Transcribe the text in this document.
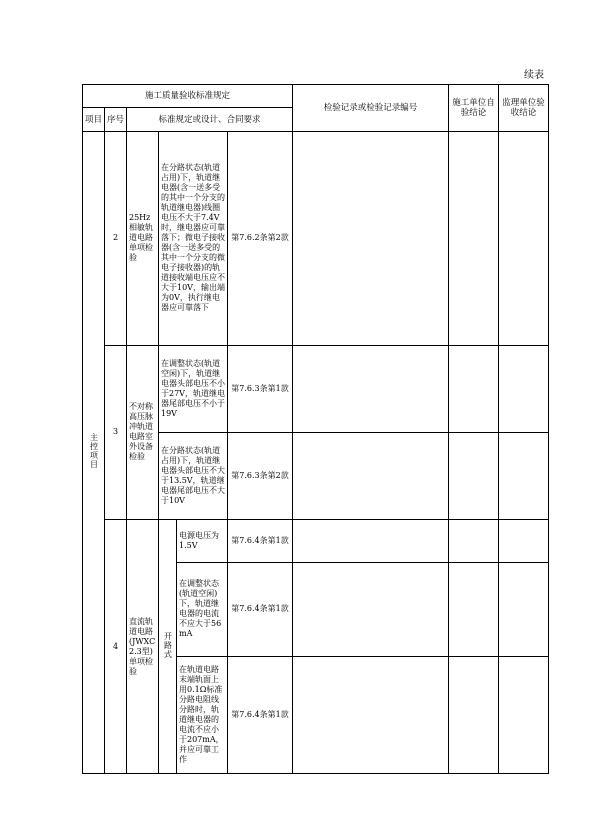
续表
施工质量验收标准规定						检验记录或检验记录编号	施工单位自验结论	监理单位验收结论
项目	序号	标准规定或设计、合同要求						
主控项目	2	25Hz相敏轨道电路单项检验	在分路状态(轨道占用)下，轨道继电器(含一送多受的其中一个分支的轨道继电器)线圈电压不大于7.4V时，继电器应可靠落下；微电子接收器(含一送多受的其中一个分支的微电子接收器)的轨道接收端电压应不大于10V，输出端为0V，执行继电器应可靠落下		第7.6.2条第2款			
	3	不对称高压脉冲轨道电路室外设备检验	在调整状态(轨道空闲)下，轨道继电器头部电压不小于27V，轨道继电器尾部电压不小于19V		第7.6.3条第1款			
			在分路状态(轨道占用)下，轨道继电器头部电压不大于13.5V，轨道继电器尾部电压不大于10V		第7.6.3条第2款			
	4	直流轨道电路(JWXC 2.3型)单项检验	开路式	电源电压为1.5V	第7.6.4条第1款			
				在调整状态(轨道空闲)下，轨道继电器的电流不应大于56mA	第7.6.4条第1款			
				在轨道电路末端轨面上用0.1Ω标准分路电阻线分路时，轨道继电器的电流不应小于207mA，并应可靠工作	第7.6.4条第1款			
